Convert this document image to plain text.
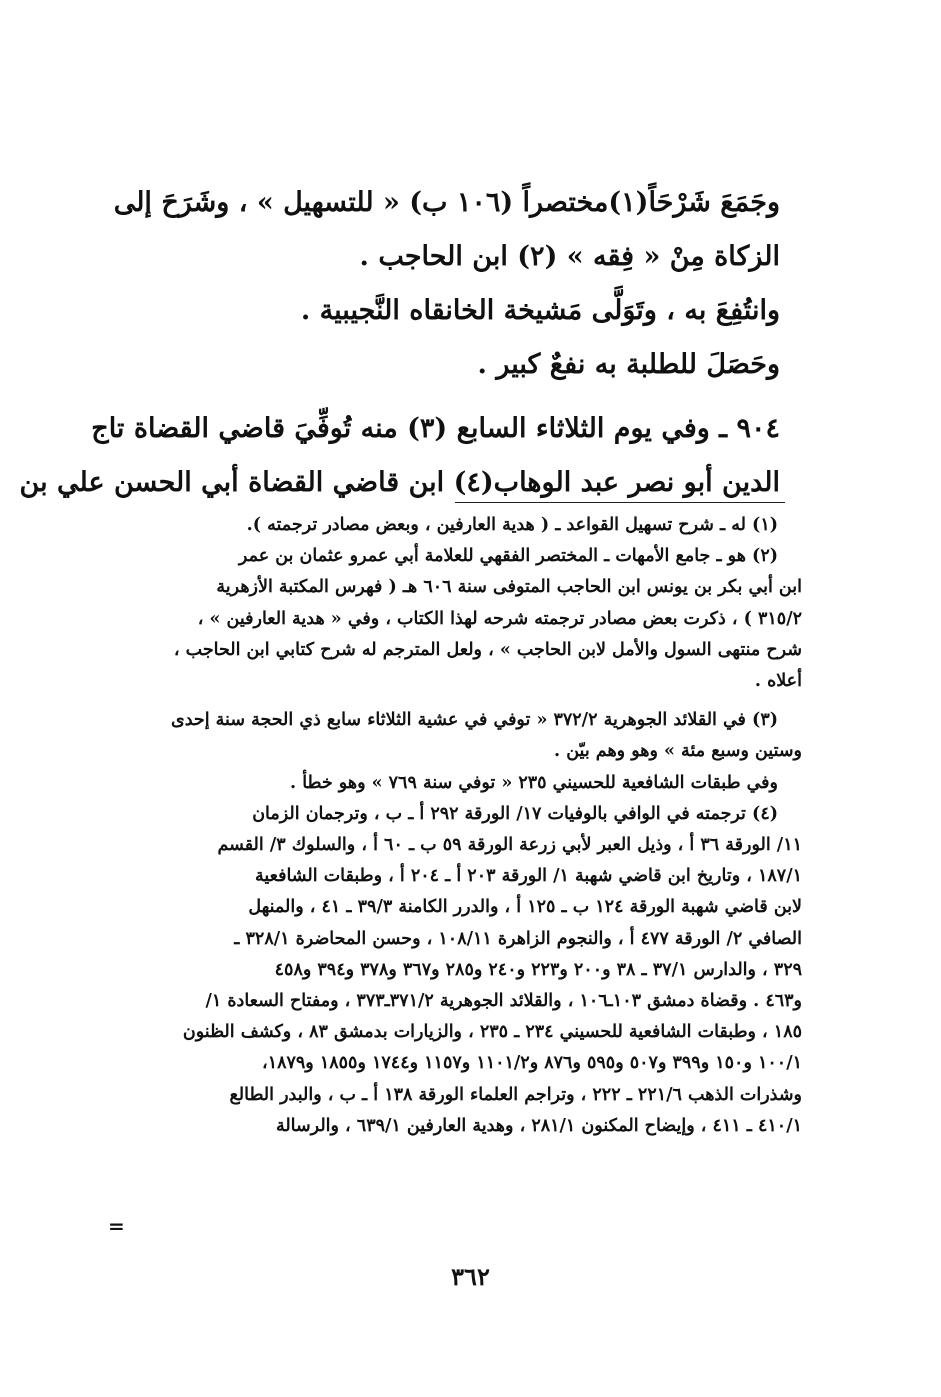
وجَمَعَ شَرْحَاً(١)مختصراً (١٠٦ ب) « للتسهيل » ، وشَرَحَ إلى
الزكاة مِنْ « فِقه » (٢) ابن الحاجب .
وانتُفِعَ به ، وتَوَلَّى مَشيخة الخانقاه النَّجيبية .
وحَصَلَ للطلبة به نفعٌ كبير .
٩٠٤ ـ وفي يوم الثلاثاء السابع (٣) منه تُوفِّيَ قاضي القضاة تاج
الدين أبو نصر عبد الوهاب(٤) ابن قاضي القضاة أبي الحسن علي بن
(١) له ـ شرح تسهيل القواعد ـ ( هدية العارفين ، وبعض مصادر ترجمته ).
(٢) هو ـ جامع الأمهات ـ المختصر الفقهي للعلامة أبي عمرو عثمان بن عمر
ابن أبي بكر بن يونس ابن الحاجب المتوفى سنة ٦٠٦ هـ ( فهرس المكتبة الأزهرية
٣١٥/٢ ) ، ذكرت بعض مصادر ترجمته شرحه لهذا الكتاب ، وفي « هدية العارفين » ،
شرح منتهى السول والأمل لابن الحاجب » ، ولعل المترجم له شرح كتابي ابن الحاجب ،
أعلاه .
(٣) في القلائد الجوهرية ٣٧٢/٢ « توفي في عشية الثلاثاء سابع ذي الحجة سنة إحدى
وستين وسبع مئة » وهو وهم بيّن .
وفي طبقات الشافعية للحسيني ٢٣٥ « توفي سنة ٧٦٩ » وهو خطأ .
(٤) ترجمته في الوافي بالوفيات ١٧/ الورقة ٢٩٢ أ ـ ب ، وترجمان الزمان
١١/ الورقة ٣٦ أ ، وذيل العبر لأبي زرعة الورقة ٥٩ ب ـ ٦٠ أ ، والسلوك ٣/ القسم
١٨٧/١ ، وتاريخ ابن قاضي شهبة ١/ الورقة ٢٠٣ أ ـ ٢٠٤ أ ، وطبقات الشافعية
لابن قاضي شهبة الورقة ١٢٤ ب ـ ١٢٥ أ ، والدرر الكامنة ٣٩/٣ ـ ٤١ ، والمنهل
الصافي ٢/ الورقة ٤٧٧ أ ، والنجوم الزاهرة ١٠٨/١١ ، وحسن المحاضرة ٣٢٨/١ ـ
٣٢٩ ، والدارس ٣٧/١ ـ ٣٨ و٢٠٠ و٢٢٣ و٢٤٠ و٢٨٥ و٣٦٧ و٣٧٨ و٣٩٤ و٤٥٨
و٤٦٣ . وقضاة دمشق ١٠٣ـ١٠٦ ، والقلائد الجوهرية ٣٧١/٢ـ٣٧٣ ، ومفتاح السعادة ١/
١٨٥ ، وطبقات الشافعية للحسيني ٢٣٤ ـ ٢٣٥ ، والزيارات بدمشق ٨٣ ، وكشف الظنون
١٠٠/١ و١٥٠ و٣٩٩ و٥٠٧ و٥٩٥ و٨٧٦ و١١٠١/٢ و١١٥٧ و١٧٤٤ و١٨٥٥ و١٨٧٩،
وشذرات الذهب ٢٢١/٦ ـ ٢٢٢ ، وتراجم العلماء الورقة ١٣٨ أ ـ ب ، والبدر الطالع
٤١٠/١ ـ ٤١١ ، وإيضاح المكنون ٢٨١/١ ، وهدية العارفين ٦٣٩/١ ، والرسالة
=
٣٦٢
